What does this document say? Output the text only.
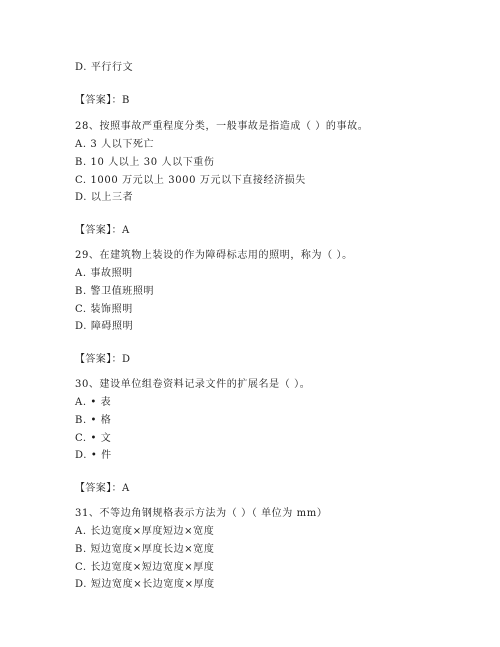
D. 平行行文
【答案】：B
28、按照事故严重程度分类，一般事故是指造成（ ）的事故。
A. 3 人以下死亡
B. 10 人以上 30 人以下重伤
C. 1000 万元以上 3000 万元以下直接经济损失
D. 以上三者
【答案】：A
29、在建筑物上装设的作为障碍标志用的照明，称为（ ）。
A. 事故照明
B. 警卫值班照明
C. 装饰照明
D. 障碍照明
【答案】：D
30、建设单位组卷资料记录文件的扩展名是（ ）。
A. • 表
B. • 格
C. • 文
D. • 件
【答案】：A
31、不等边角钢规格表示方法为（ ）（ 单位为 mm）
A. 长边宽度×厚度短边×宽度
B. 短边宽度×厚度长边×宽度
C. 长边宽度×短边宽度×厚度
D. 短边宽度×长边宽度×厚度
